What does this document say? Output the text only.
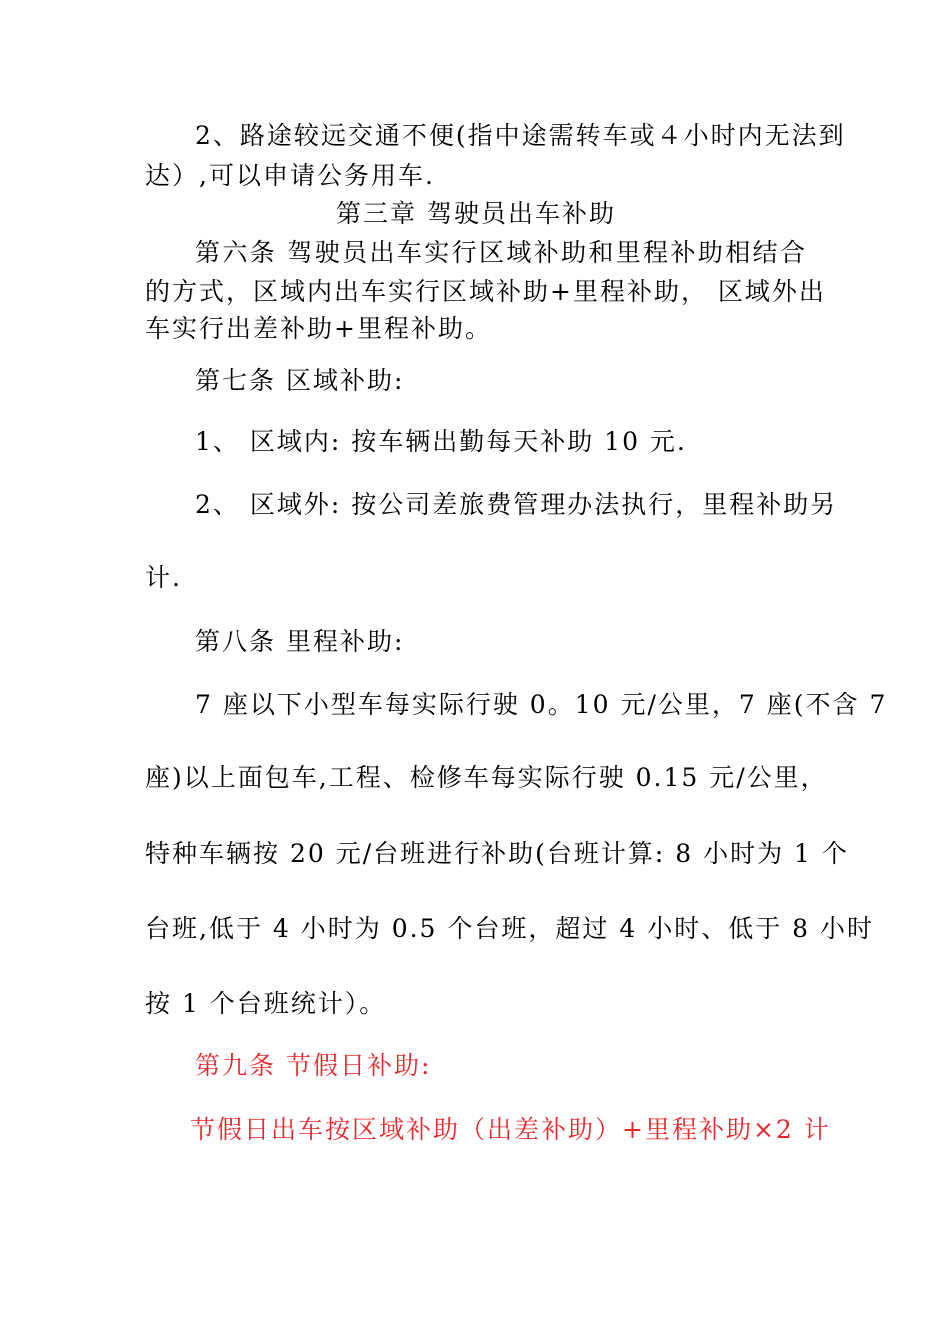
2、路途较远交通不便(指中途需转车或４小时内无法到
达）,可以申请公务用车.
第三章 驾驶员出车补助
第六条 驾驶员出车实行区域补助和里程补助相结合
的方式，区域内出车实行区域补助+里程补助， 区域外出
车实行出差补助+里程补助。
第七条 区域补助:
1、 区域内: 按车辆出勤每天补助 10 元.
2、 区域外: 按公司差旅费管理办法执行，里程补助另
计.
第八条 里程补助:
7 座以下小型车每实际行驶 0。10 元/公里，7 座(不含 7
座)以上面包车,工程、检修车每实际行驶 0.15 元/公里，
特种车辆按 20 元/台班进行补助(台班计算: 8 小时为 1 个
台班,低于 4 小时为 0.5 个台班，超过 4 小时、低于 8 小时
按 1 个台班统计）。
第九条 节假日补助:
节假日出车按区域补助（出差补助）+里程补助×2 计
